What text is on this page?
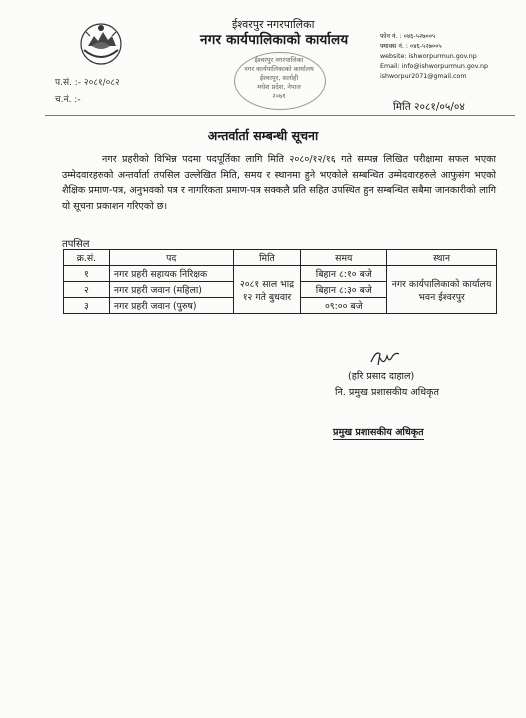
ईश्वरपुर नगरपालिका
नगर कार्यपालिकाको कार्यालय	फोन नं. : ०४६-५२७००५
फ्याक्स नं. : ०४६-५२७००५
website: ishworpurmun.gov.np
Email: info@ishworpurmun.gov.np
ishworpur2071@gmail.com
ईश्वरपुर नगरपालिका
नगर कार्यपालिकाको कार्यालय
ईश्वरपुर, सर्लाही
मधेश प्रदेश, नेपाल
२०७१
प.सं. :- २०८१/०८२
च.नं. :-
मिति २०८१/०५/०४
अन्तर्वार्ता सम्बन्धी सूचना
नगर प्रहरीको विभिन्न पदमा पदपूर्तिका लागि मिति २०८०/१२/१६ गते सम्पन्न लिखित परीक्षामा सफल भएका उम्मेदवारहरुको अन्तर्वार्ता तपसिल उल्लेखित मिति, समय र स्थानमा हुने भएकोले सम्बन्धित उम्मेदवारहरुले आफुसंग भएको शैक्षिक प्रमाण-पत्र, अनुभवको पत्र र नागरिकता प्रमाण-पत्र सक्कलै प्रति सहित उपस्थित हुन सम्बन्धित सबैमा जानकारीको लागि यो सूचना प्रकाशन गरिएको छ।
तपसिल
क्र.सं.	पद	मिति	समय	स्थान
१	नगर प्रहरी सहायक निरिक्षक	२०८१ साल भाद्र १२ गते बुधवार	बिहान ८:१० बजे	नगर कार्यपालिकाको कार्यालय भवन ईश्वरपुर
२	नगर प्रहरी जवान (महिला)		बिहान ८:३० बजे	
३	नगर प्रहरी जवान (पुरुष)		०९:०० बजे	
(हरि प्रसाद दाहाल)
नि. प्रमुख प्रशासकीय अधिकृत
प्रमुख प्रशासकीय अधिकृत
